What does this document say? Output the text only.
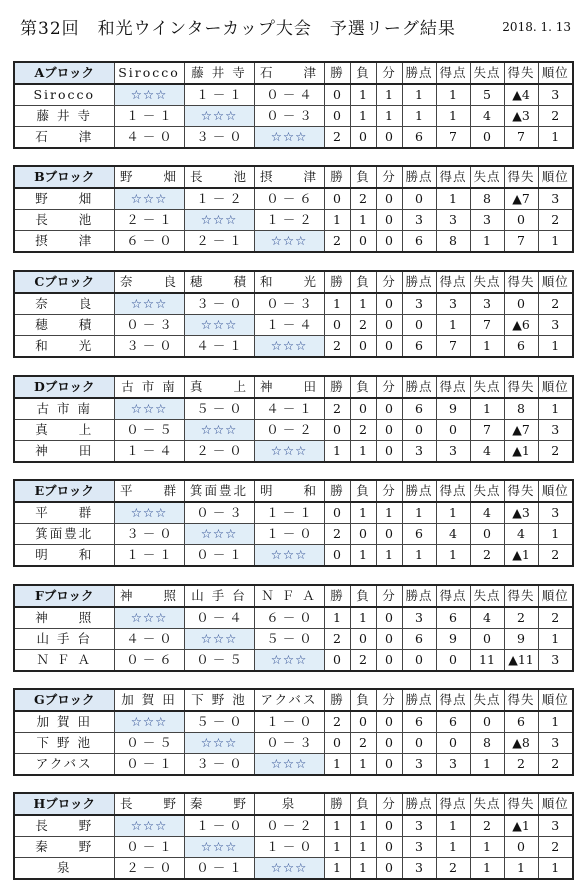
第32回　和光ウインターカップ大会　予選リーグ結果	2018. 1. 13
Aブロック	Sirocco	藤 井 寺	石　　津	勝	負	分	勝点	得点	失点	得失	順位
Sirocco	☆☆☆	１ － １	０ － ４	0	1	1	1	1	5	▲4	3
藤 井 寺	１ － １	☆☆☆	０ － ３	0	1	1	1	1	4	▲3	2
石　　津	４ － ０	３ － ０	☆☆☆	2	0	0	6	7	0	7	1
Bブロック	野　　畑	長　　池	摂　　津	勝	負	分	勝点	得点	失点	得失	順位
野　　畑	☆☆☆	１ － ２	０ － ６	0	2	0	0	1	8	▲7	3
長　　池	２ － １	☆☆☆	１ － ２	1	1	0	3	3	3	0	2
摂　　津	６ － ０	２ － １	☆☆☆	2	0	0	6	8	1	7	1
Cブロック	奈　　良	穂　　積	和　　光	勝	負	分	勝点	得点	失点	得失	順位
奈　　良	☆☆☆	３ － ０	０ － ３	1	1	0	3	3	3	0	2
穂　　積	０ － ３	☆☆☆	１ － ４	0	2	0	0	1	7	▲6	3
和　　光	３ － ０	４ － １	☆☆☆	2	0	0	6	7	1	6	1
Dブロック	古 市 南	真　　上	神　　田	勝	負	分	勝点	得点	失点	得失	順位
古 市 南	☆☆☆	５ － ０	４ － １	2	0	0	6	9	1	8	1
真　　上	０ － ５	☆☆☆	０ － ２	0	2	0	0	0	7	▲7	3
神　　田	１ － ４	２ － ０	☆☆☆	1	1	0	3	3	4	▲1	2
Eブロック	平　　群	箕面豊北	明　　和	勝	負	分	勝点	得点	失点	得失	順位
平　　群	☆☆☆	０ － ３	１ － １	0	1	1	1	1	4	▲3	3
箕面豊北	３ － ０	☆☆☆	１ － ０	2	0	0	6	4	0	4	1
明　　和	１ － １	０ － １	☆☆☆	0	1	1	1	1	2	▲1	2
Fブロック	神　　照	山 手 台	Ｎ Ｆ Ａ	勝	負	分	勝点	得点	失点	得失	順位
神　　照	☆☆☆	０ － ４	６ － ０	1	1	0	3	6	4	2	2
山 手 台	４ － ０	☆☆☆	５ － ０	2	0	0	6	9	0	9	1
Ｎ Ｆ Ａ	０ － ６	０ － ５	☆☆☆	0	2	0	0	0	11	▲11	3
Gブロック	加 賀 田	下 野 池	アクバス	勝	負	分	勝点	得点	失点	得失	順位
加 賀 田	☆☆☆	５ － ０	１ － ０	2	0	0	6	6	0	6	1
下 野 池	０ － ５	☆☆☆	０ － ３	0	2	0	0	0	8	▲8	3
アクバス	０ － １	３ － ０	☆☆☆	1	1	0	3	3	1	2	2
Hブロック	長　　野	秦　　野	泉	勝	負	分	勝点	得点	失点	得失	順位
長　　野	☆☆☆	１ － ０	０ － ２	1	1	0	3	1	2	▲1	3
秦　　野	０ － １	☆☆☆	１ － ０	1	1	0	3	1	1	0	2
泉	２ － ０	０ － １	☆☆☆	1	1	0	3	2	1	1	1
